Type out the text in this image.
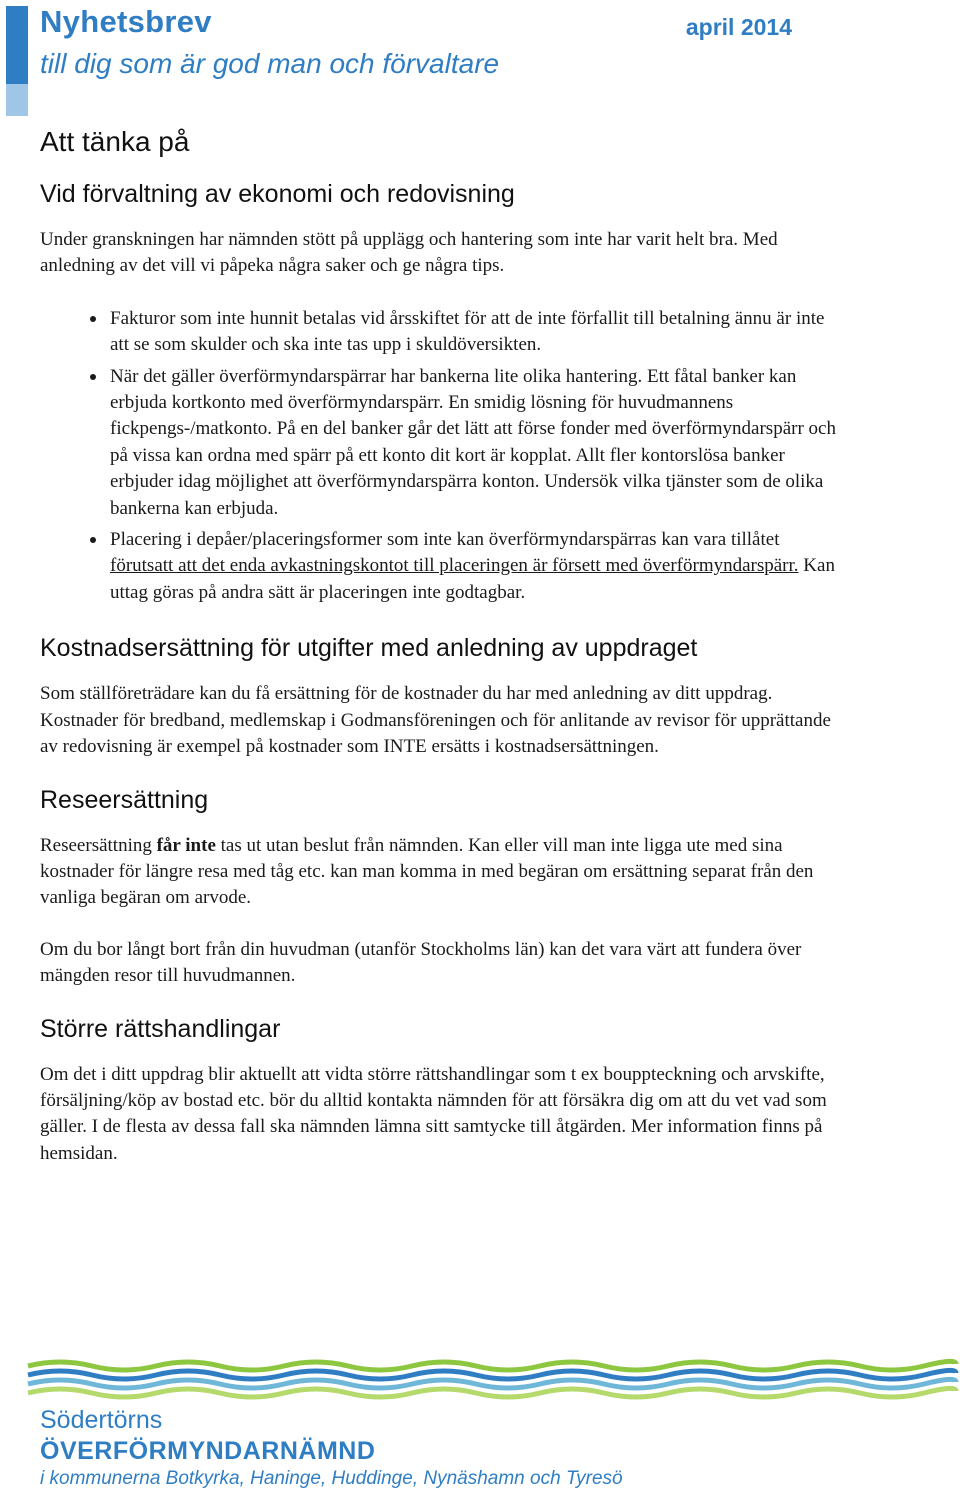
Nyhetsbrev	april 2014
till dig som är god man och förvaltare
Att tänka på
Vid förvaltning av ekonomi och redovisning

Under granskningen har nämnden stött på upplägg och hantering som inte har varit helt bra. Med anledning av det vill vi påpeka några saker och ge några tips.

• Fakturor som inte hunnit betalas vid årsskiftet för att de inte förfallit till betalning ännu är inte att se som skulder och ska inte tas upp i skuldöversikten.
• När det gäller överförmyndarspärrar har bankerna lite olika hantering. Ett fåtal banker kan erbjuda kortkonto med överförmyndarspärr. En smidig lösning för huvudmannens fickpengs-/matkonto. På en del banker går det lätt att förse fonder med överförmyndarspärr och på vissa kan ordna med spärr på ett konto dit kort är kopplat. Allt fler kontorslösa banker erbjuder idag möjlighet att överförmyndarspärra konton. Undersök vilka tjänster som de olika bankerna kan erbjuda.
• Placering i depåer/placeringsformer som inte kan överförmyndarspärras kan vara tillåtet förutsatt att det enda avkastningskontot till placeringen är försett med överförmyndarspärr. Kan uttag göras på andra sätt är placeringen inte godtagbar.
Kostnadsersättning för utgifter med anledning av uppdraget

Som ställföreträdare kan du få ersättning för de kostnader du har med anledning av ditt uppdrag. Kostnader för bredband, medlemskap i Godmansföreningen och för anlitande av revisor för upprättande av redovisning är exempel på kostnader som INTE ersätts i kostnadsersättningen.

Reseersättning

Reseersättning får inte tas ut utan beslut från nämnden. Kan eller vill man inte ligga ute med sina kostnader för längre resa med tåg etc. kan man komma in med begäran om ersättning separat från den vanliga begäran om arvode.

Om du bor långt bort från din huvudman (utanför Stockholms län) kan det vara värt att fundera över mängden resor till huvudmannen.

Större rättshandlingar

Om det i ditt uppdrag blir aktuellt att vidta större rättshandlingar som t ex bouppteckning och arvskifte, försäljning/köp av bostad etc. bör du alltid kontakta nämnden för att försäkra dig om att du vet vad som gäller. I de flesta av dessa fall ska nämnden lämna sitt samtycke till åtgärden. Mer information finns på hemsidan.

Södertörns
ÖVERFÖRMYNDARNÄMND
i kommunerna Botkyrka, Haninge, Huddinge, Nynäshamn och Tyresö
